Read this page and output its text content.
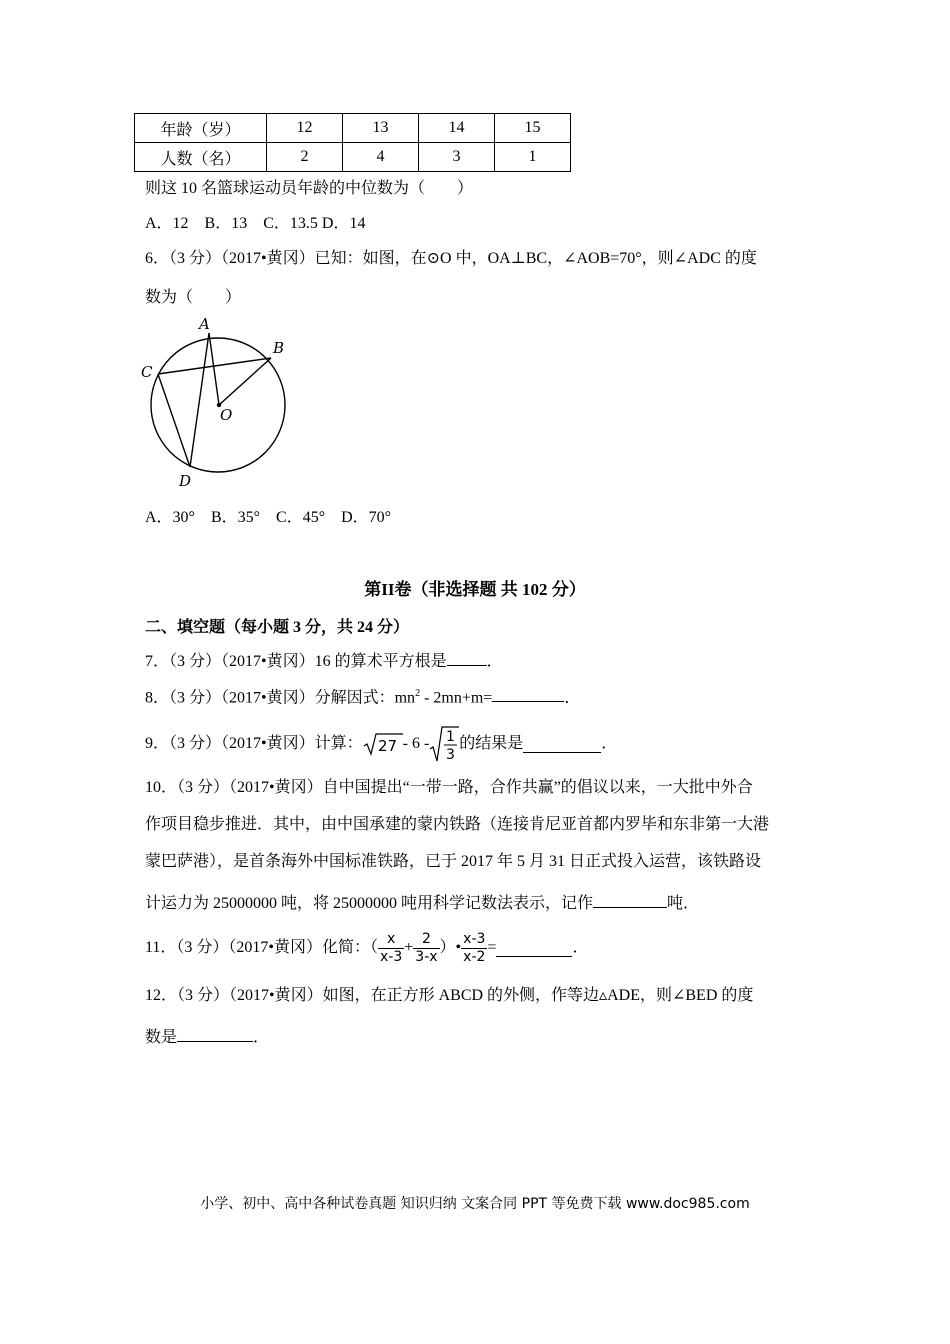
年龄（岁）	12	13	14	15
人数（名）	2	4	3	1
则这 10 名篮球运动员年龄的中位数为（　　）
A．12　B．13　C．13.5 D．14
6．（3 分）（2017•黄冈）已知：如图，在⊙O 中，OA⊥BC，∠AOB=70°，则∠ADC 的度
数为（　　）
A
B
C
D
O
A．30°　B．35°　C．45°　D．70°
第II卷（非选择题 共 102 分）
二、填空题（每小题 3 分，共 24 分）
7．（3 分）（2017•黄冈）16 的算术平方根是	．
8．（3 分）（2017•黄冈）分解因式：$mn^2 - 2mn+m=$	．
9．（3 分）（2017•黄冈）计算： 27 - 6 - 1
3
的结果是	．
10．（3 分）（2017•黄冈）自中国提出“一带一路，合作共赢”的倡议以来，一大批中外合
作项目稳步推进．其中，由中国承建的蒙内铁路（连接肯尼亚首都内罗毕和东非第一大港
蒙巴萨港），是首条海外中国标准铁路，已于 2017 年 5 月 31 日正式投入运营，该铁路设
计运力为 25000000 吨，将 25000000 吨用科学记数法表示，记作	吨．
11．（3 分）（2017•黄冈）化简：（ $\frac{x}{x-3} + \frac{2}{3-x}$ ）• $\frac{x-3}{x-2}$ =	．
12．（3 分）（2017•黄冈）如图，在正方形 ABCD 的外侧，作等边▵ADE，则∠BED 的度
数是	．
小学、初中、高中各种试卷真题 知识归纳 文案合同 PPT 等免费下载 www.doc985.com
